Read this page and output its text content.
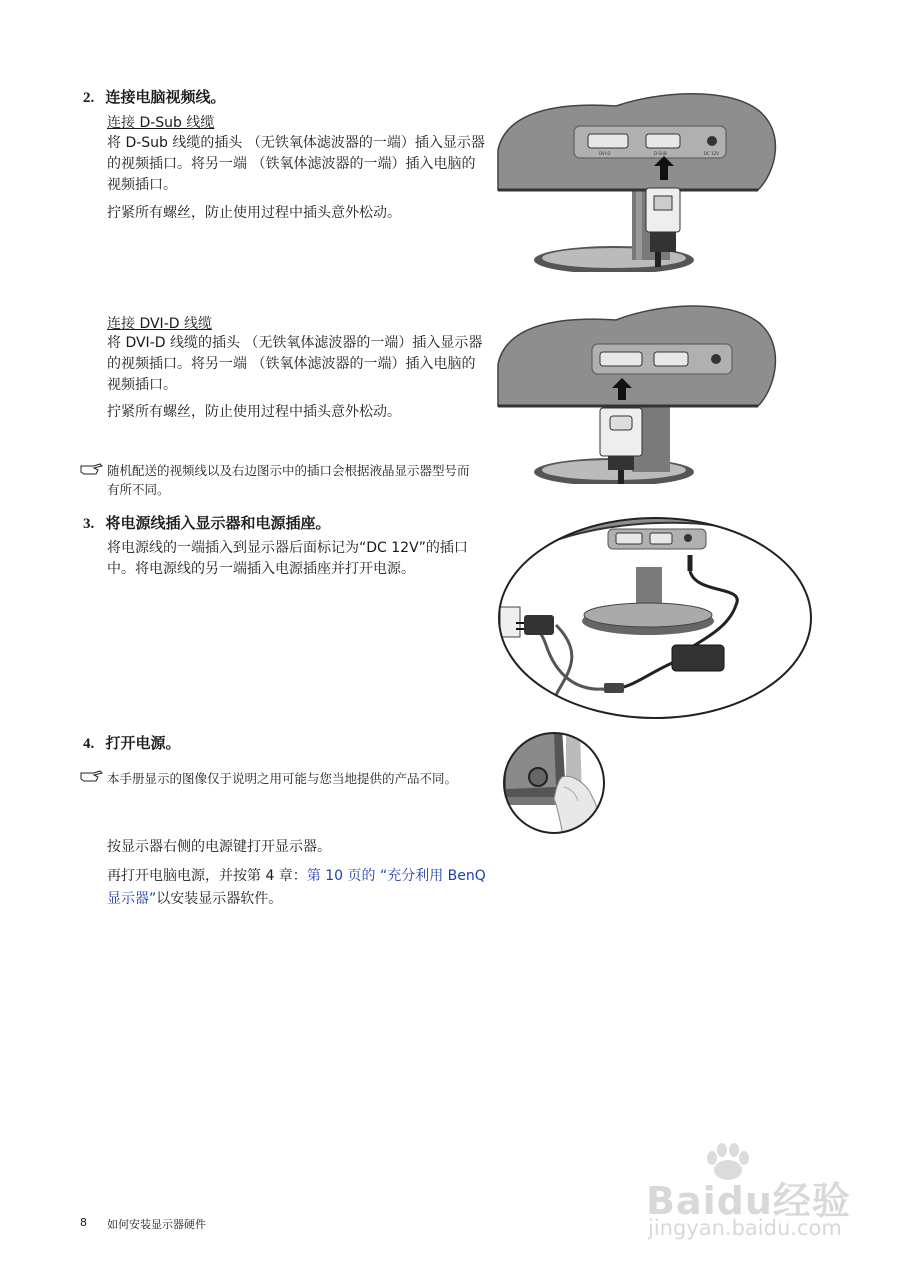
2. 连接电脑视频线。
连接 D-Sub 线缆
将 D-Sub 线缆的插头 （无铁氧体滤波器的一端）插入显示器的视频插口。将另一端 （铁氧体滤波器的一端）插入电脑的视频插口。
拧紧所有螺丝，防止使用过程中插头意外松动。
DVI-D	D-SUB	DC 12V
连接 DVI-D 线缆
将 DVI-D 线缆的插头 （无铁氧体滤波器的一端）插入显示器的视频插口。将另一端 （铁氧体滤波器的一端）插入电脑的视频插口。
拧紧所有螺丝，防止使用过程中插头意外松动。
随机配送的视频线以及右边图示中的插口会根据液晶显示器型号而有所不同。
3. 将电源线插入显示器和电源插座。
将电源线的一端插入到显示器后面标记为“DC 12V”的插口中。将电源线的另一端插入电源插座并打开电源。
4. 打开电源。
本手册显示的图像仅于说明之用可能与您当地提供的产品不同。
按显示器右侧的电源键打开显示器。
再打开电脑电源，并按第 4 章：第 10 页的 “充分利用 BenQ 显示器”以安装显示器软件。
8 如何安装显示器硬件
Baidu经验
jingyan.baidu.com
